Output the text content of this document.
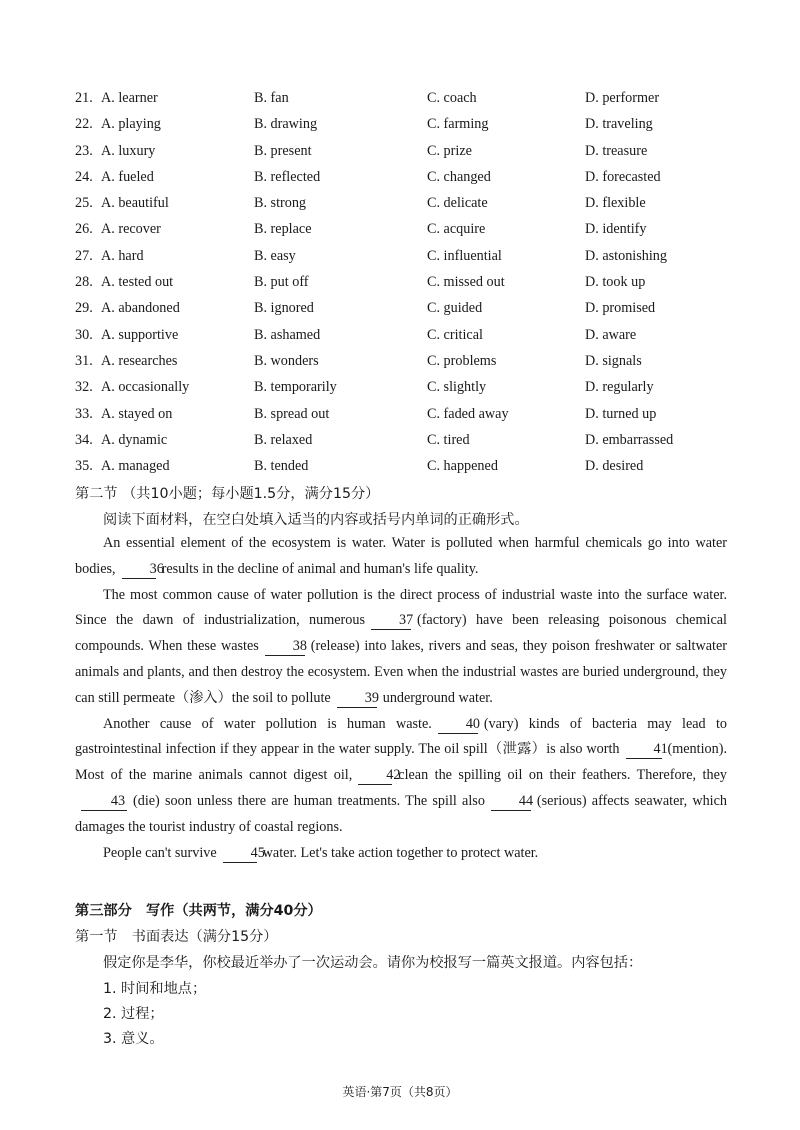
21. A. learner	B. fan	C. coach	D. performer
22. A. playing	B. drawing	C. farming	D. traveling
23. A. luxury	B. present	C. prize	D. treasure
24. A. fueled	B. reflected	C. changed	D. forecasted
25. A. beautiful	B. strong	C. delicate	D. flexible
26. A. recover	B. replace	C. acquire	D. identify
27. A. hard	B. easy	C. influential	D. astonishing
28. A. tested out	B. put off	C. missed out	D. took up
29. A. abandoned	B. ignored	C. guided	D. promised
30. A. supportive	B. ashamed	C. critical	D. aware
31. A. researches	B. wonders	C. problems	D. signals
32. A. occasionally	B. temporarily	C. slightly	D. regularly
33. A. stayed on	B. spread out	C. faded away	D. turned up
34. A. dynamic	B. relaxed	C. tired	D. embarrassed
35. A. managed	B. tended	C. happened	D. desired
第二节 （共10小题；每小题1.5分，满分15分）
阅读下面材料，在空白处填入适当的内容或括号内单词的正确形式。

An essential element of the ecosystem is water. Water is polluted when harmful chemicals go into water bodies, 36results in the decline of animal and human's life quality.

The most common cause of water pollution is the direct process of industrial waste into the surface water. Since the dawn of industrialization, numerous 37 (factory) have been releasing poisonous chemical compounds. When these wastes 38 (release) into lakes, rivers and seas, they poison freshwater or saltwater animals and plants, and then destroy the ecosystem. Even when the industrial wastes are buried underground, they can still permeate（渗入）the soil to pollute 39 underground water.

Another cause of water pollution is human waste. 40 (vary) kinds of bacteria may lead to gastrointestinal infection if they appear in the water supply. The oil spill（泄露）is also worth 41(mention). Most of the marine animals cannot digest oil, 42clean the spilling oil on their feathers. Therefore, they43 (die) soon unless there are human treatments. The spill also 44 (serious) affects seawater, which damages the tourist industry of coastal regions.

People can't survive 45water. Let's take action together to protect water.

第三部分　写作（共两节，满分40分）
第一节　书面表达（满分15分）
假定你是李华，你校最近举办了一次运动会。请你为校报写一篇英文报道。内容包括：
1. 时间和地点；
2. 过程；
3. 意义。
英语·第7页（共8页）
